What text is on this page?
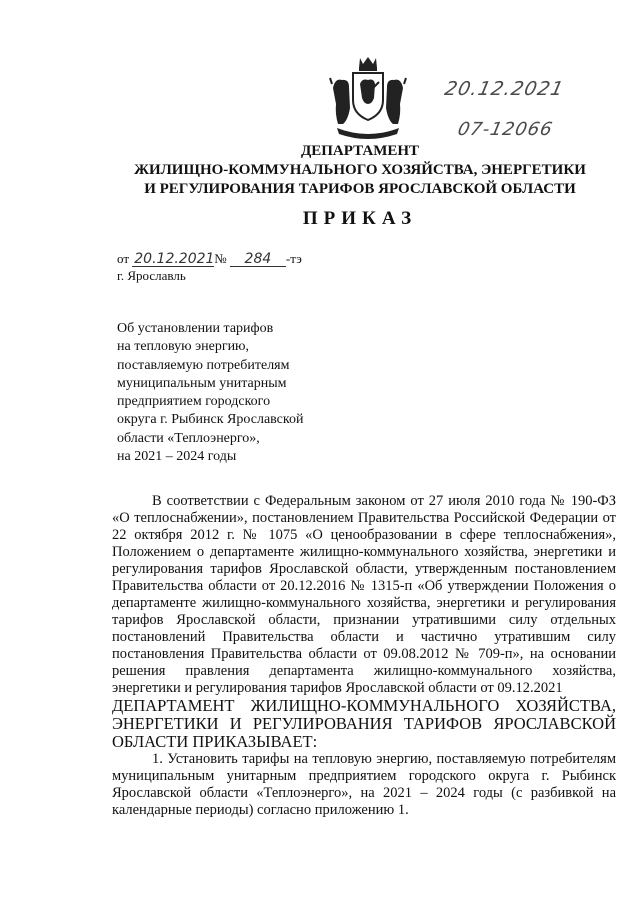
20.12.2021
07-12066
ДЕПАРТАМЕНТ
ЖИЛИЩНО-КОММУНАЛЬНОГО ХОЗЯЙСТВА, ЭНЕРГЕТИКИ
И РЕГУЛИРОВАНИЯ ТАРИФОВ ЯРОСЛАВСКОЙ ОБЛАСТИ
ПРИКАЗ
от 20.12.2021№ 284 -тэ
г. Ярославль
Об установлении тарифов
на тепловую энергию,
поставляемую потребителям
муниципальным унитарным
предприятием городского
округа г. Рыбинск Ярославской
области «Теплоэнерго»,
на 2021 – 2024 годы

В соответствии с Федеральным законом от 27 июля 2010 года № 190-ФЗ «О теплоснабжении», постановлением Правительства Российской Федерации от 22 октября 2012 г. № 1075 «О ценообразовании в сфере теплоснабжения», Положением о департаменте жилищно-коммунального хозяйства, энергетики и регулирования тарифов Ярославской области, утвержденным постановлением Правительства области от 20.12.2016 № 1315-п «Об утверждении Положения о департаменте жилищно-коммунального хозяйства, энергетики и регулирования тарифов Ярославской области, признании утратившими силу отдельных постановлений Правительства области и частично утратившим силу постановления Правительства области от 09.08.2012 № 709-п», на основании решения правления департамента жилищно-коммунального хозяйства, энергетики и регулирования тарифов Ярославской области от 09.12.2021

ДЕПАРТАМЕНТ ЖИЛИЩНО-КОММУНАЛЬНОГО ХОЗЯЙСТВА, ЭНЕРГЕТИКИ И РЕГУЛИРОВАНИЯ ТАРИФОВ ЯРОСЛАВСКОЙ ОБЛАСТИ ПРИКАЗЫВАЕТ:

1. Установить тарифы на тепловую энергию, поставляемую потребителям муниципальным унитарным предприятием городского округа г. Рыбинск Ярославской области «Теплоэнерго», на 2021 – 2024 годы (с разбивкой на календарные периоды) согласно приложению 1.
